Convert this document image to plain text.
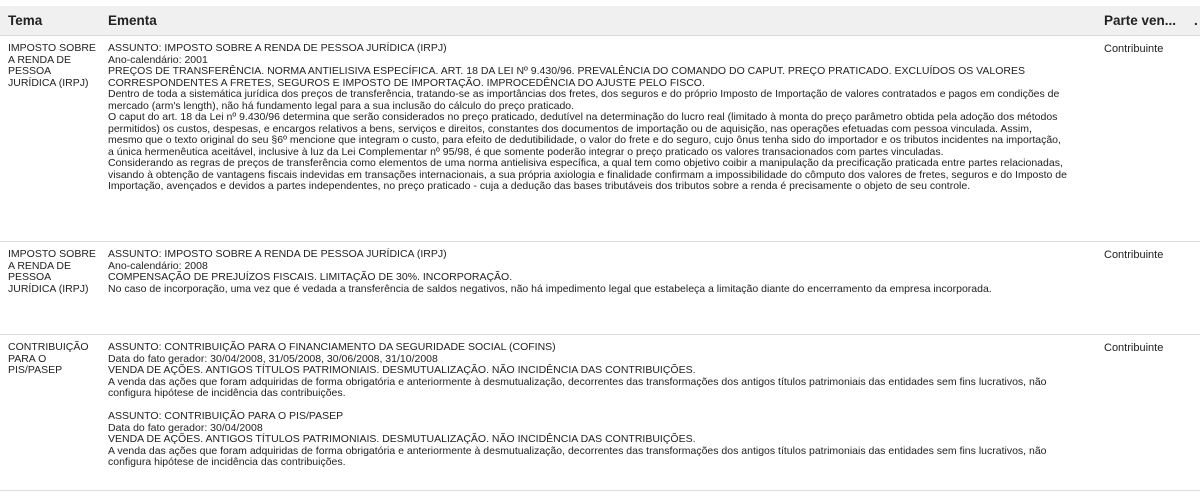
Tema	Ementa	Parte ven... .
IMPOSTO SOBRE A RENDA DE PESSOA JURÍDICA (IRPJ)

ASSUNTO: IMPOSTO SOBRE A RENDA DE PESSOA JURÍDICA (IRPJ)

Ano-calendário: 2001

PREÇOS DE TRANSFERÊNCIA. NORMA ANTIELISIVA ESPECÍFICA. ART. 18 DA LEI Nº 9.430/96. PREVALÊNCIA DO COMANDO DO CAPUT. PREÇO PRATICADO. EXCLUÍDOS OS VALORES CORRESPONDENTES A FRETES, SEGUROS E IMPOSTO DE IMPORTAÇÃO. IMPROCEDÊNCIA DO AJUSTE PELO FISCO.

Dentro de toda a sistemática jurídica dos preços de transferência, tratando-se as importâncias dos fretes, dos seguros e do próprio Imposto de Importação de valores contratados e pagos em condições de mercado (arm's length), não há fundamento legal para a sua inclusão do cálculo do preço praticado.

O caput do art. 18 da Lei nº 9.430/96 determina que serão considerados no preço praticado, dedutível na determinação do lucro real (limitado à monta do preço parâmetro obtida pela adoção dos métodos permitidos) os custos, despesas, e encargos relativos a bens, serviços e direitos, constantes dos documentos de importação ou de aquisição, nas operações efetuadas com pessoa vinculada. Assim, mesmo que o texto original do seu §6º mencione que integram o custo, para efeito de dedutibilidade, o valor do frete e do seguro, cujo ônus tenha sido do importador e os tributos incidentes na importação, a única hermenêutica aceitável, inclusive à luz da Lei Complementar nº 95/98, é que somente poderão integrar o preço praticado os valores transacionados com partes vinculadas.

Considerando as regras de preços de transferência como elementos de uma norma antielisiva específica, a qual tem como objetivo coibir a manipulação da precificação praticada entre partes relacionadas, visando à obtenção de vantagens fiscais indevidas em transações internacionais, a sua própria axiologia e finalidade confirmam a impossibilidade do cômputo dos valores de fretes, seguros e do Imposto de Importação, avençados e devidos a partes independentes, no preço praticado - cuja a dedução das bases tributáveis dos tributos sobre a renda é precisamente o objeto de seu controle.

Contribuinte
IMPOSTO SOBRE A RENDA DE PESSOA JURÍDICA (IRPJ)

ASSUNTO: IMPOSTO SOBRE A RENDA DE PESSOA JURÍDICA (IRPJ)

Ano-calendário: 2008

COMPENSAÇÃO DE PREJUÍZOS FISCAIS. LIMITAÇÃO DE 30%. INCORPORAÇÃO.

No caso de incorporação, uma vez que é vedada a transferência de saldos negativos, não há impedimento legal que estabeleça a limitação diante do encerramento da empresa incorporada.

Contribuinte
CONTRIBUIÇÃO PARA O PIS/PASEP

ASSUNTO: CONTRIBUIÇÃO PARA O FINANCIAMENTO DA SEGURIDADE SOCIAL (COFINS)

Data do fato gerador: 30/04/2008, 31/05/2008, 30/06/2008, 31/10/2008

VENDA DE AÇÕES. ANTIGOS TÍTULOS PATRIMONIAIS. DESMUTUALIZAÇÃO. NÃO INCIDÊNCIA DAS CONTRIBUIÇÕES.

A venda das ações que foram adquiridas de forma obrigatória e anteriormente à desmutualização, decorrentes das transformações dos antigos títulos patrimoniais das entidades sem fins lucrativos, não configura hipótese de incidência das contribuições.

ASSUNTO: CONTRIBUIÇÃO PARA O PIS/PASEP

Data do fato gerador: 30/04/2008

VENDA DE AÇÕES. ANTIGOS TÍTULOS PATRIMONIAIS. DESMUTUALIZAÇÃO. NÃO INCIDÊNCIA DAS CONTRIBUIÇÕES.

A venda das ações que foram adquiridas de forma obrigatória e anteriormente à desmutualização, decorrentes das transformações dos antigos títulos patrimoniais das entidades sem fins lucrativos, não configura hipótese de incidência das contribuições.

Contribuinte
